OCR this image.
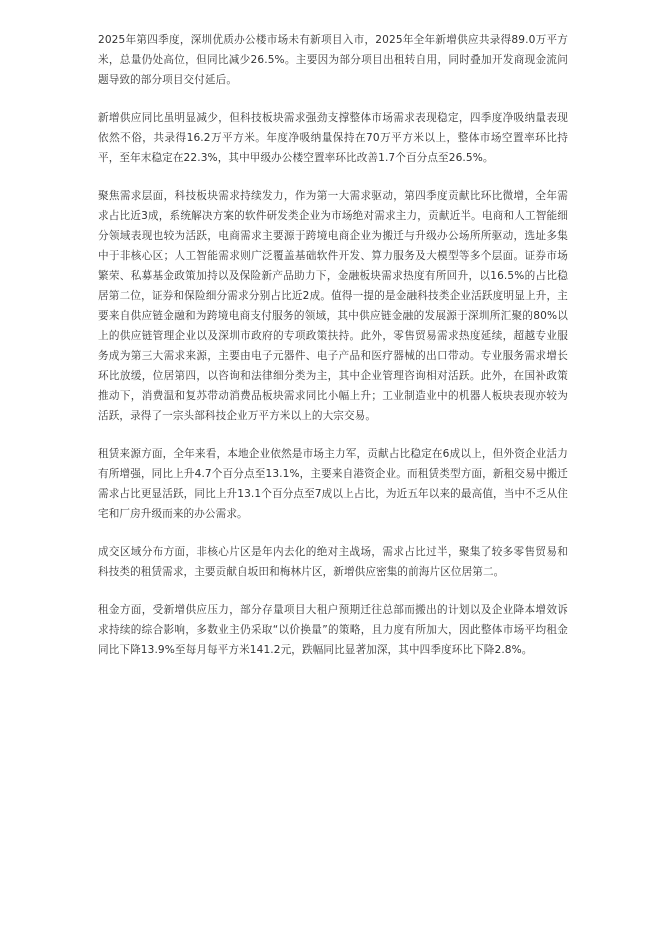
2025年第四季度，深圳优质办公楼市场未有新项目入市，2025年全年新增供应共录得89.0万平方米，总量仍处高位，但同比减少26.5%。主要因为部分项目出租转自用，同时叠加开发商现金流问题导致的部分项目交付延后。

新增供应同比虽明显减少，但科技板块需求强劲支撑整体市场需求表现稳定，四季度净吸纳量表现依然不俗，共录得16.2万平方米。年度净吸纳量保持在70万平方米以上，整体市场空置率环比持平，至年末稳定在22.3%，其中甲级办公楼空置率环比改善1.7个百分点至26.5%。

聚焦需求层面，科技板块需求持续发力，作为第一大需求驱动，第四季度贡献比环比微增，全年需求占比近3成，系统解决方案的软件研发类企业为市场绝对需求主力，贡献近半。电商和人工智能细分领域表现也较为活跃，电商需求主要源于跨境电商企业为搬迁与升级办公场所所驱动，选址多集中于非核心区；人工智能需求则广泛覆盖基础软件开发、算力服务及大模型等多个层面。证券市场繁荣、私募基金政策加持以及保险新产品助力下，金融板块需求热度有所回升，以16.5%的占比稳居第二位，证券和保险细分需求分别占比近2成。值得一提的是金融科技类企业活跃度明显上升，主要来自供应链金融和为跨境电商支付服务的领域，其中供应链金融的发展源于深圳所汇聚的80%以上的供应链管理企业以及深圳市政府的专项政策扶持。此外，零售贸易需求热度延续，超越专业服务成为第三大需求来源，主要由电子元器件、电子产品和医疗器械的出口带动。专业服务需求增长环比放缓，位居第四，以咨询和法律细分类为主，其中企业管理咨询相对活跃。此外，在国补政策推动下，消费温和复苏带动消费品板块需求同比小幅上升；工业制造业中的机器人板块表现亦较为活跃，录得了一宗头部科技企业万平方米以上的大宗交易。

租赁来源方面，全年来看，本地企业依然是市场主力军，贡献占比稳定在6成以上，但外资企业活力有所增强，同比上升4.7个百分点至13.1%，主要来自港资企业。而租赁类型方面，新租交易中搬迁需求占比更显活跃，同比上升13.1个百分点至7成以上占比，为近五年以来的最高值，当中不乏从住宅和厂房升级而来的办公需求。

成交区域分布方面，非核心片区是年内去化的绝对主战场，需求占比过半，聚集了较多零售贸易和科技类的租赁需求，主要贡献自坂田和梅林片区，新增供应密集的前海片区位居第二。

租金方面，受新增供应压力，部分存量项目大租户预期迁往总部而搬出的计划以及企业降本增效诉求持续的综合影响，多数业主仍采取“以价换量”的策略，且力度有所加大，因此整体市场平均租金同比下降13.9%至每月每平方米141.2元，跌幅同比显著加深，其中四季度环比下降2.8%。
